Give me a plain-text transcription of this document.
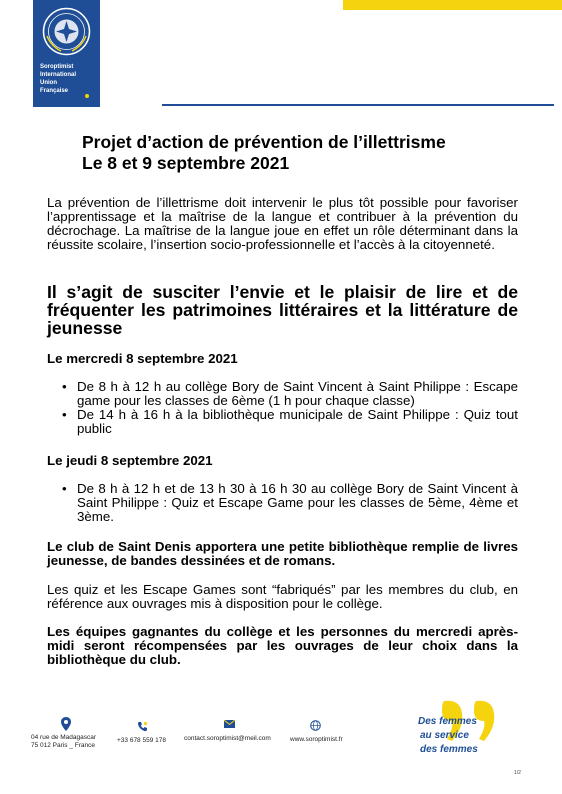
Soroptimist
International
Union
Française
Projet d’action de prévention de l’illettrisme
Le 8 et 9 septembre 2021

La prévention de l’illettrisme doit intervenir le plus tôt possible pour favoriser l’apprentissage et la maîtrise de la langue et contribuer à la prévention du décrochage. La maîtrise de la langue joue en effet un rôle déterminant dans la réussite scolaire, l’insertion socio-professionnelle et l’accès à la citoyenneté.

Il s’agit de susciter l’envie et le plaisir de lire et de fréquenter les patrimoines littéraires et la littérature de jeunesse

Le mercredi 8 septembre 2021

• De 8 h à 12 h au collège Bory de Saint Vincent à Saint Philippe : Escape game pour les classes de 6ème (1 h pour chaque classe)
• De 14 h à 16 h à la bibliothèque municipale de Saint Philippe : Quiz tout public

Le jeudi 8 septembre 2021

• De 8 h à 12 h et de 13 h 30 à 16 h 30 au collège Bory de Saint Vincent à Saint Philippe : Quiz et Escape Game pour les classes de 5ème, 4ème et 3ème.

Le club de Saint Denis apportera une petite bibliothèque remplie de livres jeunesse, de bandes dessinées et de romans.

Les quiz et les Escape Games sont “fabriqués” par les membres du club, en référence aux ouvrages mis à disposition pour le collège.

Les équipes gagnantes du collège et les personnes du mercredi après-midi seront récompensées par les ouvrages de leur choix dans la bibliothèque du club.

04 rue de Madagascar
75 012 Paris _ France
+33 678 559 178	contact.soroptimist@meil.com	www.soroptimist.fr
Des femmes
au service
des femmes
1/2
